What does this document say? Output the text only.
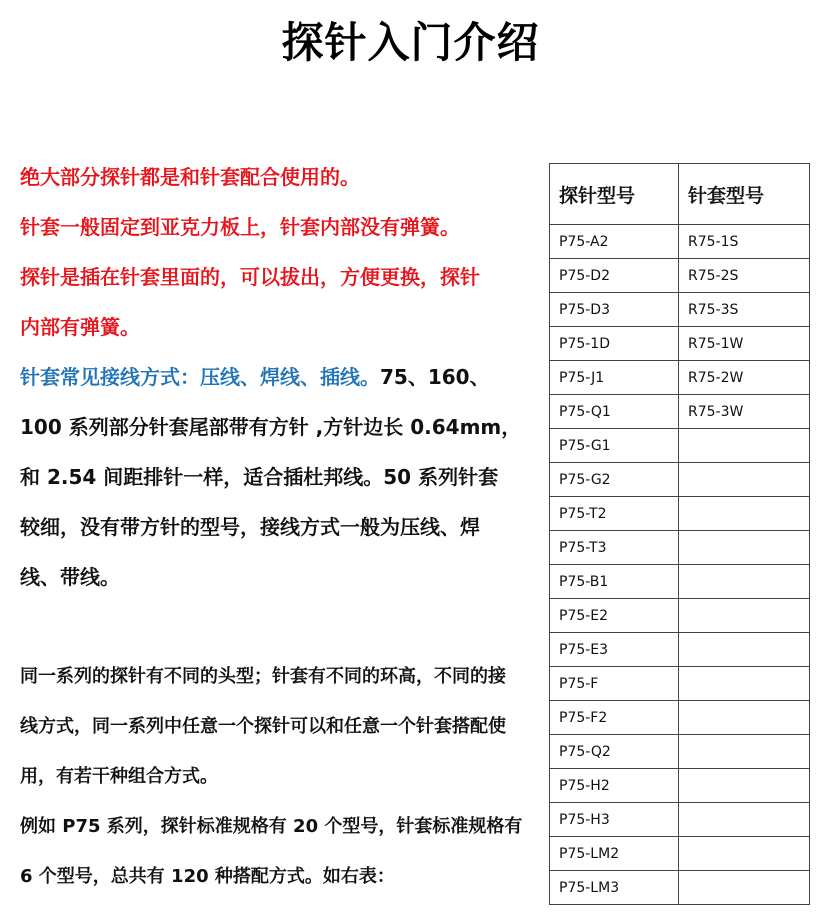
探针入门介绍

绝大部分探针都是和针套配合使用的。

针套一般固定到亚克力板上，针套内部没有弹簧。

探针是插在针套里面的，可以拔出，方便更换，探针

内部有弹簧。

针套常见接线方式：压线、焊线、插线。75、160、

100 系列部分针套尾部带有方针 ,方针边长 0.64mm，

和 2.54 间距排针一样，适合插杜邦线。50 系列针套

较细，没有带方针的型号，接线方式一般为压线、焊

线、带线。

同一系列的探针有不同的头型；针套有不同的环高，不同的接

线方式，同一系列中任意一个探针可以和任意一个针套搭配使

用，有若干种组合方式。

例如 P75 系列，探针标准规格有 20 个型号，针套标准规格有

6 个型号，总共有 120 种搭配方式。如右表：

探针型号	针套型号
P75-A2	R75-1S
P75-D2	R75-2S
P75-D3	R75-3S
P75-1D	R75-1W
P75-J1	R75-2W
P75-Q1	R75-3W
P75-G1	
P75-G2	
P75-T2	
P75-T3	
P75-B1	
P75-E2	
P75-E3	
P75-F	
P75-F2	
P75-Q2	
P75-H2	
P75-H3	
P75-LM2	
P75-LM3	
